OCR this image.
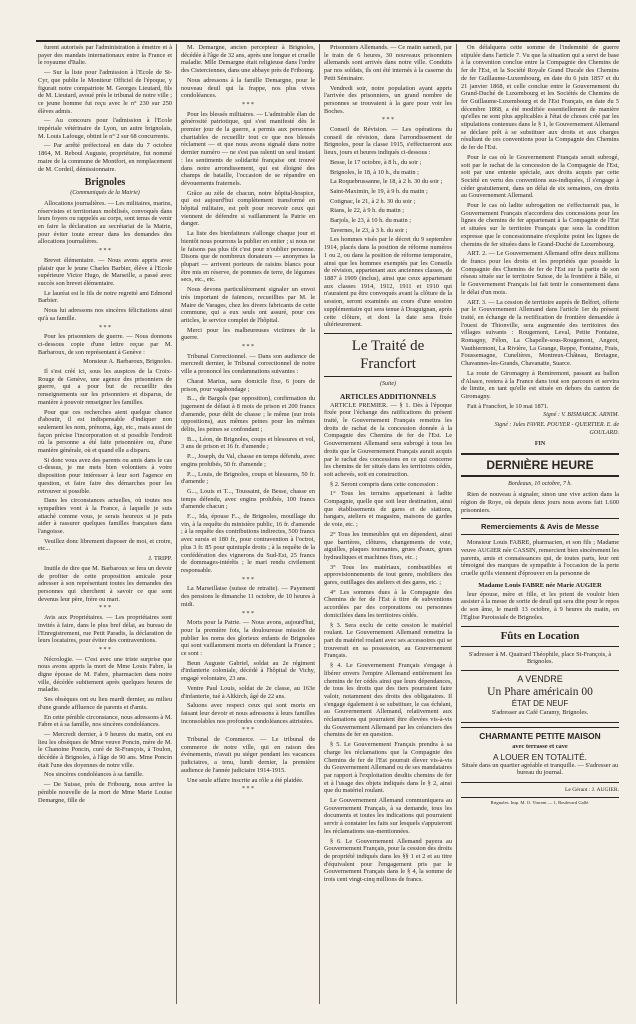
furent autorisés par l'administration à émettre et à payer des mandats internationaux entre la France et le royaume d'Italie.

— Sur la liste pour l'admission à l'Ecole de St-Cyr, que publie le Moniteur Officiel de l'époque, y figurait notre compatriote M. Georges Lieutard, fils de M. Lieutard, avoué près le tribunal de notre ville ; ce jeune homme fut reçu avec le n° 230 sur 250 élèves admis.

— Au concours pour l'admission à l'Ecole impériale vétérinaire de Lyon, un autre brignolais, M. Louis Lafouge, obtint le n° 2 sur 68 concurrents.

— Par arrêté préfectoral en date du 7 octobre 1864, M. Reboul Auguste, propriétaire, fut nommé maire de la commune de Montfort, en remplacement de M. Cordeil, démissionnaire.

Brignoles
(Communiqués de la Mairie)

Allocations journalières. — Les militaires, marins, réservistes et territoriaux mobilisés, convoqués dans leurs foyers ou rappelés au corps, sont tenus de venir en faire la déclaration au secrétariat de la Mairie, pour éviter toute erreur dans les demandes des allocations journalières.

* * *

Brevet élémentaire. — Nous avons appris avec plaisir que le jeune Charles Barbier, élève à l'Ecole supérieure Victor Hugo, de Marseille, a passé avec succès son brevet élémentaire.

Le lauréat est le fils de notre regretté ami Edmond Barbier.

Nous lui adressons nos sincères félicitations ainsi qu'à sa famille.

* * *

Pour les prisonniers de guerre. — Nous donnons ci-dessous copie d'une lettre reçue par M. Barbaroux, de son représentant à Genève :

Monsieur A. Barbaroux, Brignoles.

Il s'est créé ici, sous les auspices de la Croix-Rouge de Genève, une agence des prisonniers de guerre, qui a pour but de recueillir des renseignements sur les prisonniers et disparus, de manière à pouvoir renseigner les familles.

Pour que ces recherches aient quelque chance d'aboutir, il est indispensable d'indiquer non seulement les nom, prénoms, âge, etc., mais aussi de façon précise l'incorporation et si possible l'endroit où la personne a été faite prisonnière ou, d'une manière générale, où et quand elle a disparu.

Si donc vous avez des parents ou amis dans le cas ci-dessus, je me mets bien volontiers à votre disposition pour intéresser à leur sort l'agence en question, et faire faire des démarches pour les retrouver si possible.

Dans les circonstances actuelles, où toutes nos sympathies vont à la France, à laquelle je suis attaché comme vous, je serais heureux si je puis aider à rassurer quelques familles françaises dans l'angoisse.

Veuillez donc librement disposer de moi, et croire, etc...

J. TRIPP.

Inutile de dire que M. Barbaroux se fera un devoir de profiter de cette proposition amicale pour adresser à son représentant toutes les demandes des personnes qui cherchent à savoir ce que sont devenus leur père, frère ou mari.

* * *

Avis aux Propriétaires. — Les propriétaires sont invités à faire, dans le plus bref délai, au bureau de l'Enregistrement, rue Petit Paradis, la déclaration de leurs locataires, pour éviter des contraventions.

* * *

Nécrologie. — C'est avec une triste surprise que nous avons appris la mort de Mme Louis Fabre, la digne épouse de M. Fabre, pharmacien dans notre ville, décédée subitement après quelques heures de maladie.

Ses obsèques ont eu lieu mardi dernier, au milieu d'une grande affluence de parents et d'amis.

En cette pénible circonstance, nous adressons à M. Fabre et à sa famille, nos sincères condoléances.

— Mercredi dernier, à 9 heures du matin, ont eu lieu les obsèques de Mme veuve Poncin, mère de M. le Chanoine Poncin, curé de St-François, à Toulon, décédée à Brignoles, à l'âge de 90 ans. Mme Poncin était l'une des doyennes de notre ville.

Nos sincères condoléances à sa famille.

— De Suisse, près de Fribourg, nous arrive la pénible nouvelle de la mort de Mme Marie Louise Demargne, fille de

M. Demargne, ancien percepteur à Brignoles, décédée à l'âge de 32 ans, après une longue et cruelle maladie. Mlle Demargne était religieuse dans l'ordre des Cisterciennes, dans une abbaye près de Fribourg.

Nous adressons à la famille Demargne, pour le nouveau deuil qui la frappe, nos plus vives condoléances.

* * *

Pour les blessés militaires. — L'admirable élan de générosité patriotique, qui s'est manifesté dès le premier jour de la guerre, a permis aux personnes charitables de recueillir tout ce que nos blessés réclament — et que nous avons signalé dans notre dernier numéro — ne s'est pas ralenti un seul instant : les sentiments de solidarité française ont trouvé dans notre arrondissement, qui est éloigné des champs de bataille, l'occasion de se répandre en dévouements fraternels.

Grâce au zèle de chacun, notre hôpital-hospice, qui est aujourd'hui complètement transformé en hôpital militaire, est prêt pour recevoir ceux qui viennent de défendre si vaillamment la Patrie en danger.

La liste des bienfaiteurs s'allonge chaque jour et bientôt nous pourrons la publier en entier ; si nous ne le faisons pas plus tôt c'est pour n'oublier personne. Disons que de nombreux donateurs — anonymes la plupart — arrivent porteurs de raisins blancs pour être mis en réserve, de pommes de terre, de légumes secs, etc., etc.

Nous devons particulièrement signaler un envoi très important de faïences, recueillies par M. le Maire de Varages, chez les divers fabricants de cette commune, qui a eux seuls ont assuré, pour ces articles, le service complet de l'hôpital.

Merci pour les malheureuses victimes de la guerre.

* * *

Tribunal Correctionnel. — Dans son audience de mercredi dernier, le Tribunal correctionnel de notre ville a prononcé les condamnations suivantes :

Charat Marius, sans domicile fixe, 6 jours de prison, pour vagabondage ;

B..., de Bargols (par opposition), confirmation du jugement de défaut à 8 mois de prison et 200 francs d'amende, pour délit de chasse ; le même (sur trois oppositions), aux mêmes peines pour les mêmes délits, les peines se confondant ;

B..., Léon, de Brignoles, coups et blessures et vol, 3 ans de prison et 16 fr. d'amende ;

P..., Joseph, du Val, chasse en temps défendu, avec engins prohibés, 50 fr. d'amende ;

P..., Louis, de Brignoles, coups et blessures, 50 fr. d'amende ;

G..., Louis et T..., Toussaint, de Besse, chasse en temps défendu, avec engins prohibés, 100 francs d'amende chacun ;

F..., Ida, épouse F..., de Brignoles, mouillage du vin, à la requête du ministère public, 16 fr. d'amende ; à la requête des contributions indirectes, 500 francs avec sursis et 180 fr., pour contravention à l'octroi, plus 3 fr. 85 pour quintuple droits ; à la requête de la confédération des vignerons du Sud-Est, 25 francs de dommages-intérêts ; le mari rendu civilement responsable.

* * *

La Marseillaise (suisse de retraite). — Payement des pensions le dimanche 11 octobre, de 10 heures à midi.

* * *

Morts pour la Patrie. — Nous avons, aujourd'hui, pour la première fois, la douloureuse mission de publier les noms des glorieux enfants de Brignoles qui sont vaillamment morts en défendant la France ; ce sont :

Beun Auguste Gabriel, soldat au 2e régiment d'infanterie coloniale, décédé à l'hôpital de Vichy, engagé volontaire, 23 ans.

Ventre Paul Louis, soldat de 2e classe, au 163e d'infanterie, tué à Altkirch, âgé de 22 ans.

Saluons avec respect ceux qui sont morts en faisant leur devoir et nous adressons à leurs familles inconsolables nos profondes condoléances attristées.

* * *

Tribunal de Commerce. — Le tribunal de commerce de notre ville, qui en raison des événements, n'avait pu siéger pendant les vacances judiciaires, a tenu, lundi dernier, la première audience de l'année judiciaire 1914-1915.

Une seule affaire inscrite au rôle a été plaidée.

* * *

Prisonniers Allemands. — Ce matin samedi, par le train de 6 heures, 30 nouveaux prisonniers allemands sont arrivés dans notre ville. Conduits par nos soldats, ils ont été internés à la caserne du Petit Séminaire.

Vendredi soir, notre population ayant appris l'arrivée des prisonniers, un grand nombre de personnes se trouvaient à la gare pour voir les Boches.

* * *

Conseil de Révision. — Les opérations du conseil de révision, dans l'arrondissement de Brignoles, pour la classe 1915, s'effectueront aux lieux, jours et heures indiqués ci-dessous :

Besse, le 17 octobre, à 8 h., du soir ;

Brignoles, le 18, à 10 h., du matin ;

La Roquebrussanne, le 18, à 2 h. 30 du soir ;

Saint-Maximin, le 19, à 9 h. du matin ;

Cotignac, le 21, à 2 h. 30 du soir ;

Rians, le 22, à 9 h. du matin ;

Barjols, le 23, à 10 h. du matin ;

Tavernes, le 23, à 3 h. du soir ;

Les hommes visés par le décret du 9 septembre 1914, placés dans la position de réforme numéros 1 ou 2, ou dans la position de réforme temporaire, ainsi que les hommes exemptés par les Conseils de révision, appartenant aux anciennes classes, de 1887 à 1909 (inclus), ainsi que ceux appartenant aux classes 1914, 1912, 1911 et 1910 qui n'auraient pu être convoqués avant la clôture de la session, seront examinés au cours d'une session supplémentaire qui sera tenue à Draguignan, après cette clôture, et dont la date sera fixée ultérieurement.

Le Traité de Francfort
(Suite)
ARTICLES ADDITIONNELS

ARTICLE PREMIER. — § 1. Dès à l'époque fixée pour l'échange des ratifications du présent traité, le Gouvernement Français remettra les droits de rachat de la concession donnée à la Compagnie des Chemins de fer de l'Est. Le Gouvernement Allemand sera subrogé à tous les droits que le Gouvernement Français aurait acquis par le rachat des concessions en ce qui concerne les chemins de fer situés dans les territoires cédés, soit achevés, soit en construction.

§ 2. Seront compris dans cette concession :

1° Tous les terrains appartenant à ladite Compagnie, quelle que soit leur destination, ainsi que établissements de gares et de stations, hangars, ateliers et magasins, maisons de gardes de voie, etc. ;

2° Tous les immeubles qui en dépendent, ainsi que barrières, clôtures, changements de voie, aiguilles, plaques tournantes, grues d'eaux, grues hydrauliques et machines fixes, etc. ;

3° Tous les matériaux, combustibles et approvisionnements de tout genre, mobiliers des gares, outillages des ateliers et des gares, etc. ;

4° Les sommes dues à la Compagnie des Chemins de fer de l'Est à titre de subventions accordées par des corporations ou personnes domiciliées dans les territoires cédés.

§ 3. Sera exclu de cette cession le matériel roulant. Le Gouvernement Allemand remettra la part du matériel roulant avec ses accessoires qui se trouverait en sa possession, au Gouvernement Français.

§ 4. Le Gouvernement Français s'engage à libérer envers l'empire Allemand entièrement les chemins de fer cédés ainsi que leurs dépendances, de tous les droits que des tiers pourraient faire valoir, notamment des droits des obligataires. Il s'engage également à se substituer, le cas échéant, au Gouvernement Allemand, relativement aux réclamations qui pourraient être élevées vis-à-vis du Gouvernement Allemand par les créanciers des chemins de fer en question.

§ 5. Le Gouvernement Français prendra à sa charge les réclamations que la Compagnie des Chemins de fer de l'Est pourrait élever vis-à-vis du Gouvernement Allemand ou de ses mandataires par rapport à l'exploitation desdits chemins de fer et à l'usage des objets indiqués dans le § 2, ainsi que du matériel roulant.

Le Gouvernement Allemand communiquera au Gouvernement Français, à sa demande, tous les documents et toutes les indications qui pourraient servir à constater les faits sur lesquels s'appuieront les réclamations sus-mentionnées.

§ 6. Le Gouvernement Allemand payera au Gouvernement Français, pour la cession des droits de propriété indiqués dans les §§ 1 et 2 et au titre d'équivalent pour l'engagement pris par le Gouvernement Français dans le § 4, la somme de trois cent vingt-cinq millions de francs.

On défalquera cette somme de l'indemnité de guerre stipulée dans l'article 7. Vu que la situation qui a servi de base à la convention conclue entre la Compagnie des Chemins de fer de l'Est, et la Société Royale Grand Ducale des Chemins de fer Guillaume-Luxembourg, en date du 6 juin 1857 et du 21 janvier 1868, et celle conclue entre le Gouvernement du Grand-Duché de Luxembourg et les Sociétés de Chemins de fer Guillaume-Luxembourg et de l'Est Français, en date du 5 décembre 1868, a été modifiée essentiellement de manière qu'elles ne sont plus applicables à l'état de choses créé par les stipulations contenues dans le § 1, le Gouvernement Allemand se déclare prêt à se substituer aux droits et aux charges résultant de ces conventions pour la Compagnie des Chemins de fer de l'Est.

Pour le cas où le Gouvernement Français serait subrogé, soit par le rachat de la concession de la Compagnie de l'Est, soit par une entente spéciale, aux droits acquis par cette Société en vertu des conventions sus-indiquées, il s'engage à céder gratuitement, dans un délai de six semaines, ces droits au Gouvernement Allemand.

Pour le cas où ladite subrogation ne s'effectuerait pas, le Gouvernement Français n'accordera des concessions pour les lignes de chemins de fer appartenant à la Compagnie de l'Est et situées sur le territoire Français que sous la condition expresse que le concessionnaire n'exploite point les lignes de chemins de fer situées dans le Grand-Duché de Luxembourg.

ART. 2. — Le Gouvernement Allemand offre deux millions de francs pour les droits et les propriétés que possède la Compagnie des Chemins de fer de l'Est sur la partie de son réseau située sur le territoire Suisse, de la frontière à Bâle, si le Gouvernement Français lui fait tenir le consentement dans le délai d'un mois.

ART. 3. — La cession de territoire auprès de Belfort, offerte par le Gouvernement Allemand dans l'article 1er du présent traité, en échange de la rectification de frontière demandée à l'ouest de Thionville, sera augmentée des territoires des villages suivants : Rougemont, Leval, Petite Fontaine, Romagny, Félon, La Chapelle-sous-Rougemont, Angeot, Vauthiermont, La Rivière, La Grange, Reppe, Fontaine, Frais, Foussemagne, Cunelières, Montreux-Château, Bretagne, Chavannes-les-Grands, Chavanatte, Suarce.

La route de Giromagny à Remiremont, passant au ballon d'Alsace, restera à la France dans tout son parcours et servira de limite, en tant qu'elle est située en dehors du canton de Giromagny.

Fait à Francfort, le 10 mai 1871.

Signé : V. BISMARCK. ARNIM.

Signé : Jules FAVRE. POUYER - QUERTIER. E. de GOULARD.

FIN
DERNIÈRE HEURE
Bordeaux, 10 octobre, 7 h.

Rien de nouveau à signaler, sinon une vive action dans la région de Roye, où depuis deux jours nous avons fait 1.600 prisonniers.

Remerciements & Avis de Messe

Monsieur Louis FABRE, pharmacien, et son fils ; Madame veuve AUGIER née CASSIN, remercient bien sincèrement les parents, amis et connaissances qui, de toutes parts, leur ont témoigné des marques de sympathie à l'occasion de la perte cruelle qu'ils viennent d'éprouver en la personne de

Madame Louis FABRE née Marie AUGIER

leur épouse, mère et fille, et les prient de vouloir bien assister à la messe de sortie de deuil qui sera dite pour le repos de son âme, le mardi 13 octobre, à 9 heures du matin, en l'Eglise Paroissiale de Brignoles.

Fûts en Location

S'adresser à M. Quairard Théophile, place St-François, à Brignoles.

A VENDRE
Un Phare américain 00
ÉTAT DE NEUF

S'adresser au Café Caramy, Brignoles.

CHARMANTE PETITE MAISON
avec terrasse et cave
A LOUER EN TOTALITÉ.

Située dans un quartier agréable et tranquille. — S'adresser au bureau du journal.

Le Gérant : J. AUGIER.

Brignoles. Imp. M. O. Vincent — 1, Boulevard Gallé.
